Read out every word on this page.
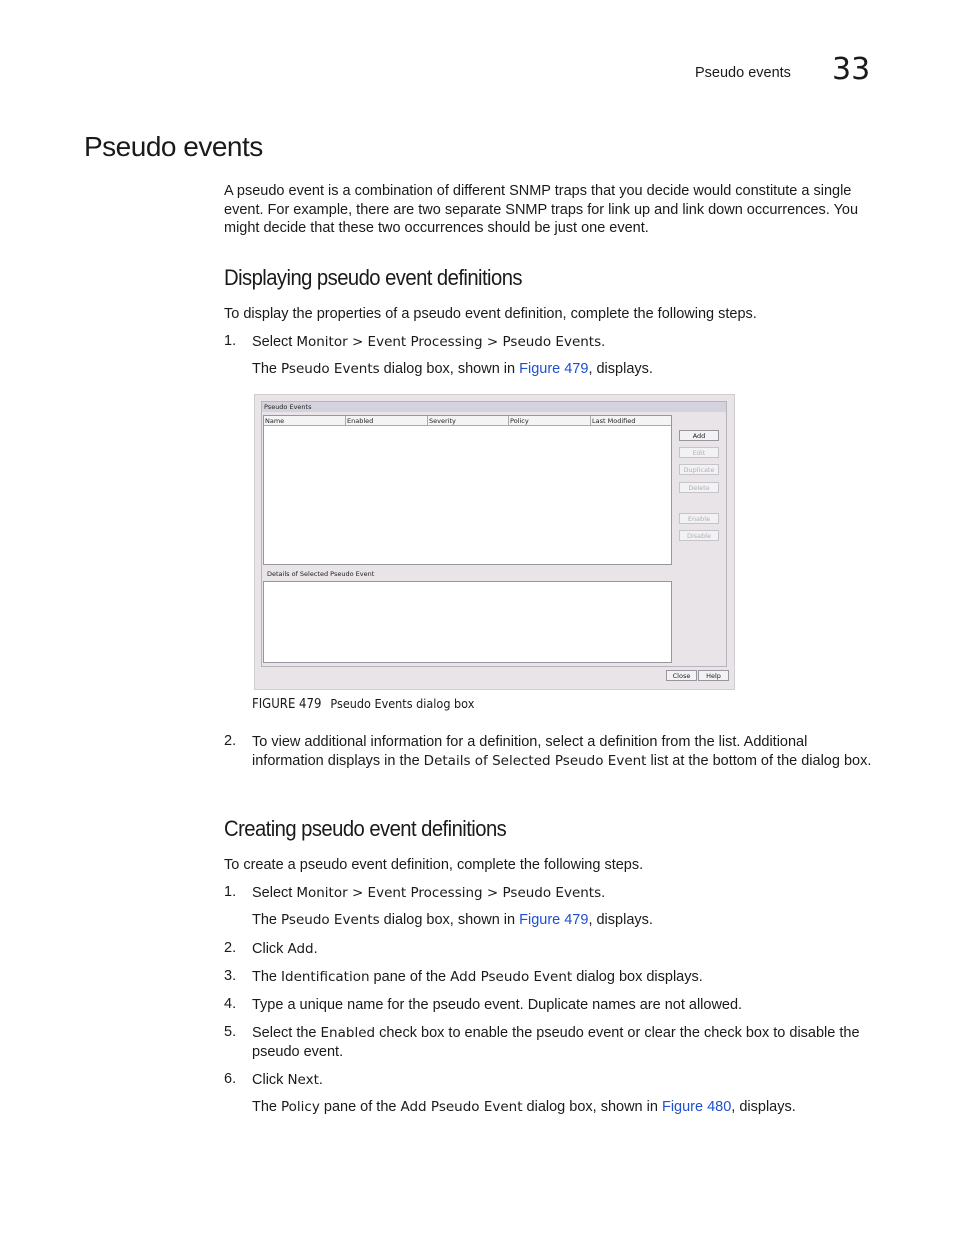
Pseudo events 33
Pseudo events

A pseudo event is a combination of different SNMP traps that you decide would constitute a single event. For example, there are two separate SNMP traps for link up and link down occurrences. You might decide that these two occurrences should be just one event.

Displaying pseudo event definitions

To display the properties of a pseudo event definition, complete the following steps.

1. Select Monitor > Event Processing > Pseudo Events.
The Pseudo Events dialog box, shown in Figure 479, displays.
Pseudo Events
Name	Enabled	Severity	Policy	Last Modified
Details of Selected Pseudo Event
Add
Edit
Duplicate
Delete
Enable
Disable
Close	Help
FIGURE 479 Pseudo Events dialog box
2. To view additional information for a definition, select a definition from the list. Additional information displays in the Details of Selected Pseudo Event list at the bottom of the dialog box.
Creating pseudo event definitions

To create a pseudo event definition, complete the following steps.

1. Select Monitor > Event Processing > Pseudo Events.
The Pseudo Events dialog box, shown in Figure 479, displays.
2. Click Add.
3. The Identification pane of the Add Pseudo Event dialog box displays.
4. Type a unique name for the pseudo event. Duplicate names are not allowed.
5. Select the Enabled check box to enable the pseudo event or clear the check box to disable the pseudo event.
6. Click Next.
The Policy pane of the Add Pseudo Event dialog box, shown in Figure 480, displays.
